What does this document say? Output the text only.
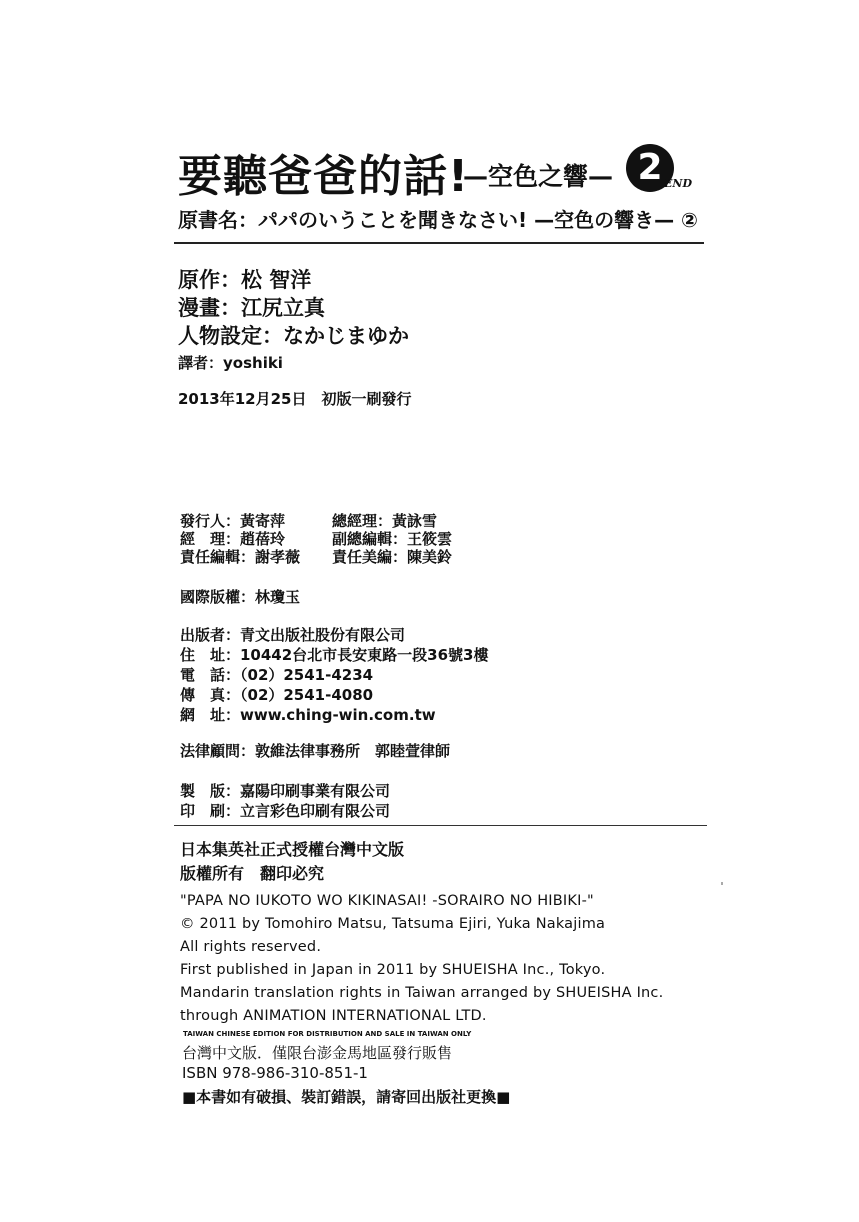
要聽爸爸的話!
—空色之響— 2 END
原書名：パパのいうことを聞きなさい! —空色の響き— ②
原作：松 智洋
漫畫：江尻立真
人物設定：なかじまゆか
譯者：yoshiki
2013年12月25日　初版一刷發行
發行人：黃寄萍	總經理：黃詠雪
經　理：趙蓓玲	副總編輯：王筱雲
責任編輯：謝孝薇 責任美編：陳美鈴
國際版權：林瓊玉
出版者：青文出版社股份有限公司
住　址：10442台北市長安東路一段36號3樓
電　話：（02）2541-4234
傳　真：（02）2541-4080
網　址：www.ching-win.com.tw
法律顧問：敦維法律事務所　郭睦萱律師
製　版：嘉陽印刷事業有限公司
印　刷：立言彩色印刷有限公司
日本集英社正式授權台灣中文版
版權所有　翻印必究
"PAPA NO IUKOTO WO KIKINASAI! -SORAIRO NO HIBIKI-"
© 2011 by Tomohiro Matsu, Tatsuma Ejiri, Yuka Nakajima
All rights reserved.
First published in Japan in 2011 by SHUEISHA Inc., Tokyo.
Mandarin translation rights in Taiwan arranged by SHUEISHA Inc.
through ANIMATION INTERNATIONAL LTD.
TAIWAN CHINESE EDITION FOR DISTRIBUTION AND SALE IN TAIWAN ONLY
台灣中文版．僅限台澎金馬地區發行販售
ISBN 978-986-310-851-1
■本書如有破損、裝訂錯誤，請寄回出版社更換■
